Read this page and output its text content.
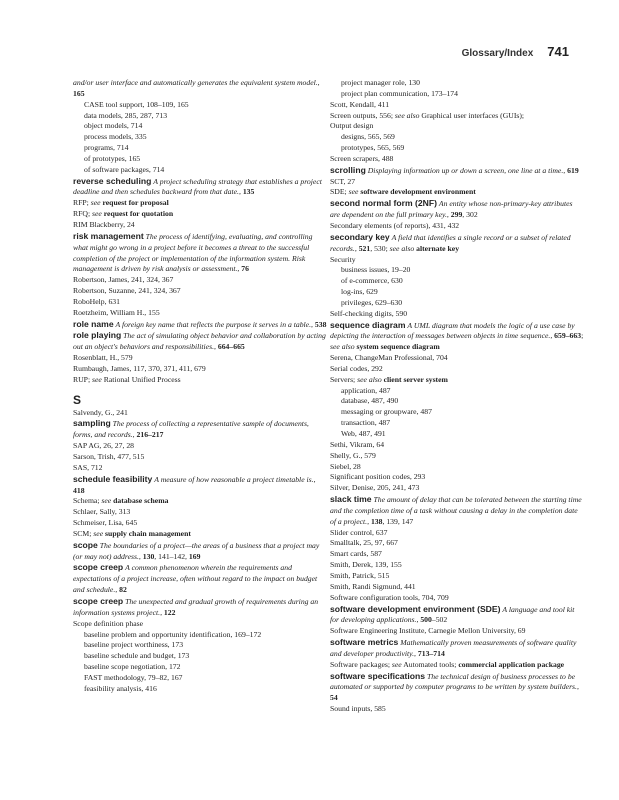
Glossary/Index 741
and/or user interface and automatically generates the equivalent system model., 165
CASE tool support, 108–109, 165
data models, 285, 287, 713
object models, 714
process models, 335
programs, 714
of prototypes, 165
of software packages, 714
reverse scheduling A project scheduling strategy that establishes a project deadline and then schedules backward from that date., 135
RFP; see request for proposal
RFQ; see request for quotation
RIM Blackberry, 24
risk management The process of identifying, evaluating, and controlling what might go wrong in a project before it becomes a threat to the successful completion of the project or implementation of the information system. Risk management is driven by risk analysis or assessment., 76
Robertson, James, 241, 324, 367
Robertson, Suzanne, 241, 324, 367
RoboHelp, 631
Roetzheim, William H., 155
role name A foreign key name that reflects the purpose it serves in a table., 538
role playing The act of simulating object behavior and collaboration by acting out an object's behaviors and responsibilities., 664–665
Rosenblatt, H., 579
Rumbaugh, James, 117, 370, 371, 411, 679
RUP; see Rational Unified Process
S
Salvendy, G., 241
sampling The process of collecting a representative sample of documents, forms, and records., 216–217
SAP AG, 26, 27, 28
Sarson, Trish, 477, 515
SAS, 712
schedule feasibility A measure of how reasonable a project timetable is., 418
Schema; see database schema
Schlaer, Sally, 313
Schmeiser, Lisa, 645
SCM; see supply chain management
scope The boundaries of a project—the areas of a business that a project may (or may not) address., 130, 141–142, 169
scope creep A common phenomenon wherein the requirements and expectations of a project increase, often without regard to the impact on budget and schedule., 82
scope creep The unexpected and gradual growth of requirements during an information systems project., 122
Scope definition phase
baseline problem and opportunity identification, 169–172
baseline project worthiness, 173
baseline schedule and budget, 173
baseline scope negotiation, 172
FAST methodology, 79–82, 167
feasibility analysis, 416
project manager role, 130
project plan communication, 173–174
Scott, Kendall, 411
Screen outputs, 556; see also Graphical user interfaces (GUIs);
Output design
designs, 565, 569
prototypes, 565, 569
Screen scrapers, 488
scrolling Displaying information up or down a screen, one line at a time., 619
SCT, 27
SDE; see software development environment
second normal form (2NF) An entity whose non-primary-key attributes are dependent on the full primary key., 299, 302
Secondary elements (of reports), 431, 432
secondary key A field that identifies a single record or a subset of related records., 521, 530; see also alternate key
Security
business issues, 19–20
of e-commerce, 630
log-ins, 629
privileges, 629–630
Self-checking digits, 590
sequence diagram A UML diagram that models the logic of a use case by depicting the interaction of messages between objects in time sequence., 659–663; see also system sequence diagram
Serena, ChangeMan Professional, 704
Serial codes, 292
Servers; see also client server system
application, 487
database, 487, 490
messaging or groupware, 487
transaction, 487
Web, 487, 491
Sethi, Vikram, 64
Shelly, G., 579
Siebel, 28
Significant position codes, 293
Silver, Denise, 205, 241, 473
slack time The amount of delay that can be tolerated between the starting time and the completion time of a task without causing a delay in the completion date of a project., 138, 139, 147
Slider control, 637
Smalltalk, 25, 97, 667
Smart cards, 587
Smith, Derek, 139, 155
Smith, Patrick, 515
Smith, Randi Sigmund, 441
Software configuration tools, 704, 709
software development environment (SDE) A language and tool kit for developing applications., 500–502
Software Engineering Institute, Carnegie Mellon University, 69
software metrics Mathematically proven measurements of software quality and developer productivity., 713–714
Software packages; see Automated tools; commercial application package
software specifications The technical design of business processes to be automated or supported by computer programs to be written by system builders., 54
Sound inputs, 585
